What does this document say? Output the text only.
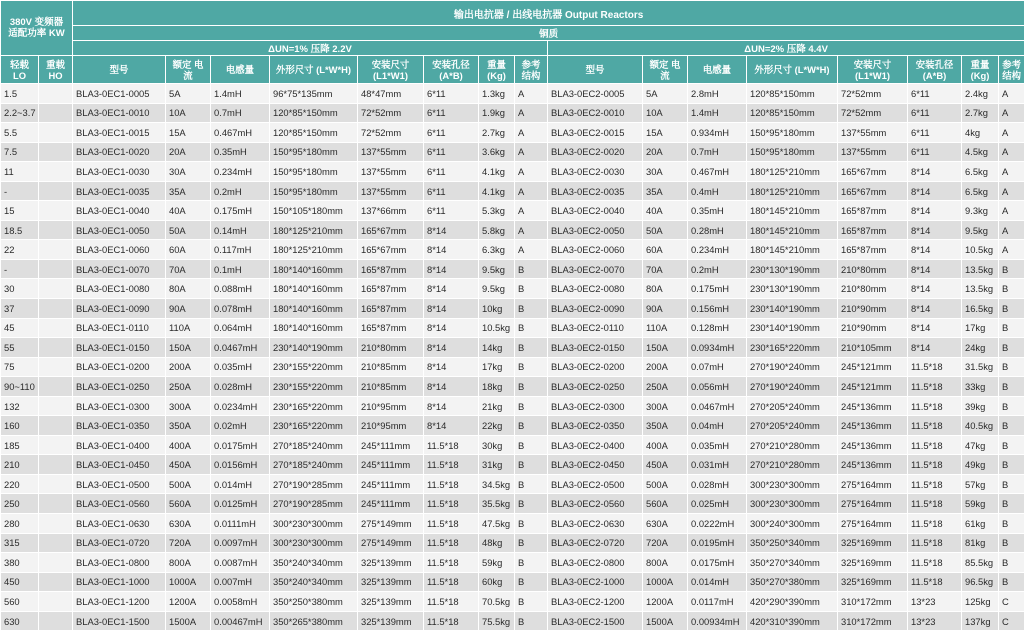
380V 变频器 适配功率 KW		输出电抗器 / 出线电抗器 Output Reactors															
		铜质															
		ΔUN=1% 压降 2.2V								ΔUN=2% 压降 4.4V							
轻载 LO	重载 HO	型号	额定 电流	电感量	外形尺寸 (L*W*H)	安装尺寸 (L1*W1)	安装孔径 (A*B)	重量 (Kg)	参考 结构	型号	额定 电流	电感量	外形尺寸 (L*W*H)	安装尺寸 (L1*W1)	安装孔径 (A*B)	重量 (Kg)	参考 结构
1.5		BLA3-0EC1-0005	5A	1.4mH	96*75*135mm	48*47mm	6*11	1.3kg	A	BLA3-0EC2-0005	5A	2.8mH	120*85*150mm	72*52mm	6*11	2.4kg	A
2.2~3.7		BLA3-0EC1-0010	10A	0.7mH	120*85*150mm	72*52mm	6*11	1.9kg	A	BLA3-0EC2-0010	10A	1.4mH	120*85*150mm	72*52mm	6*11	2.7kg	A
5.5		BLA3-0EC1-0015	15A	0.467mH	120*85*150mm	72*52mm	6*11	2.7kg	A	BLA3-0EC2-0015	15A	0.934mH	150*95*180mm	137*55mm	6*11	4kg	A
7.5		BLA3-0EC1-0020	20A	0.35mH	150*95*180mm	137*55mm	6*11	3.6kg	A	BLA3-0EC2-0020	20A	0.7mH	150*95*180mm	137*55mm	6*11	4.5kg	A
11		BLA3-0EC1-0030	30A	0.234mH	150*95*180mm	137*55mm	6*11	4.1kg	A	BLA3-0EC2-0030	30A	0.467mH	180*125*210mm	165*67mm	8*14	6.5kg	A
-		BLA3-0EC1-0035	35A	0.2mH	150*95*180mm	137*55mm	6*11	4.1kg	A	BLA3-0EC2-0035	35A	0.4mH	180*125*210mm	165*67mm	8*14	6.5kg	A
15		BLA3-0EC1-0040	40A	0.175mH	150*105*180mm	137*66mm	6*11	5.3kg	A	BLA3-0EC2-0040	40A	0.35mH	180*145*210mm	165*87mm	8*14	9.3kg	A
18.5		BLA3-0EC1-0050	50A	0.14mH	180*125*210mm	165*67mm	8*14	5.8kg	A	BLA3-0EC2-0050	50A	0.28mH	180*145*210mm	165*87mm	8*14	9.5kg	A
22		BLA3-0EC1-0060	60A	0.117mH	180*125*210mm	165*67mm	8*14	6.3kg	A	BLA3-0EC2-0060	60A	0.234mH	180*145*210mm	165*87mm	8*14	10.5kg	A
-		BLA3-0EC1-0070	70A	0.1mH	180*140*160mm	165*87mm	8*14	9.5kg	B	BLA3-0EC2-0070	70A	0.2mH	230*130*190mm	210*80mm	8*14	13.5kg	B
30		BLA3-0EC1-0080	80A	0.088mH	180*140*160mm	165*87mm	8*14	9.5kg	B	BLA3-0EC2-0080	80A	0.175mH	230*130*190mm	210*80mm	8*14	13.5kg	B
37		BLA3-0EC1-0090	90A	0.078mH	180*140*160mm	165*87mm	8*14	10kg	B	BLA3-0EC2-0090	90A	0.156mH	230*140*190mm	210*90mm	8*14	16.5kg	B
45		BLA3-0EC1-0110	110A	0.064mH	180*140*160mm	165*87mm	8*14	10.5kg	B	BLA3-0EC2-0110	110A	0.128mH	230*140*190mm	210*90mm	8*14	17kg	B
55		BLA3-0EC1-0150	150A	0.0467mH	230*140*190mm	210*80mm	8*14	14kg	B	BLA3-0EC2-0150	150A	0.0934mH	230*165*220mm	210*105mm	8*14	24kg	B
75		BLA3-0EC1-0200	200A	0.035mH	230*155*220mm	210*85mm	8*14	17kg	B	BLA3-0EC2-0200	200A	0.07mH	270*190*240mm	245*121mm	11.5*18	31.5kg	B
90~110		BLA3-0EC1-0250	250A	0.028mH	230*155*220mm	210*85mm	8*14	18kg	B	BLA3-0EC2-0250	250A	0.056mH	270*190*240mm	245*121mm	11.5*18	33kg	B
132		BLA3-0EC1-0300	300A	0.0234mH	230*165*220mm	210*95mm	8*14	21kg	B	BLA3-0EC2-0300	300A	0.0467mH	270*205*240mm	245*136mm	11.5*18	39kg	B
160		BLA3-0EC1-0350	350A	0.02mH	230*165*220mm	210*95mm	8*14	22kg	B	BLA3-0EC2-0350	350A	0.04mH	270*205*240mm	245*136mm	11.5*18	40.5kg	B
185		BLA3-0EC1-0400	400A	0.0175mH	270*185*240mm	245*111mm	11.5*18	30kg	B	BLA3-0EC2-0400	400A	0.035mH	270*210*280mm	245*136mm	11.5*18	47kg	B
210		BLA3-0EC1-0450	450A	0.0156mH	270*185*240mm	245*111mm	11.5*18	31kg	B	BLA3-0EC2-0450	450A	0.031mH	270*210*280mm	245*136mm	11.5*18	49kg	B
220		BLA3-0EC1-0500	500A	0.014mH	270*190*285mm	245*111mm	11.5*18	34.5kg	B	BLA3-0EC2-0500	500A	0.028mH	300*230*300mm	275*164mm	11.5*18	57kg	B
250		BLA3-0EC1-0560	560A	0.0125mH	270*190*285mm	245*111mm	11.5*18	35.5kg	B	BLA3-0EC2-0560	560A	0.025mH	300*230*300mm	275*164mm	11.5*18	59kg	B
280		BLA3-0EC1-0630	630A	0.0111mH	300*230*300mm	275*149mm	11.5*18	47.5kg	B	BLA3-0EC2-0630	630A	0.0222mH	300*240*300mm	275*164mm	11.5*18	61kg	B
315		BLA3-0EC1-0720	720A	0.0097mH	300*230*300mm	275*149mm	11.5*18	48kg	B	BLA3-0EC2-0720	720A	0.0195mH	350*250*340mm	325*169mm	11.5*18	81kg	B
380		BLA3-0EC1-0800	800A	0.0087mH	350*240*340mm	325*139mm	11.5*18	59kg	B	BLA3-0EC2-0800	800A	0.0175mH	350*270*340mm	325*169mm	11.5*18	85.5kg	B
450		BLA3-0EC1-1000	1000A	0.007mH	350*240*340mm	325*139mm	11.5*18	60kg	B	BLA3-0EC2-1000	1000A	0.014mH	350*270*380mm	325*169mm	11.5*18	96.5kg	B
560		BLA3-0EC1-1200	1200A	0.0058mH	350*250*380mm	325*139mm	11.5*18	70.5kg	B	BLA3-0EC2-1200	1200A	0.0117mH	420*290*390mm	310*172mm	13*23	125kg	C
630		BLA3-0EC1-1500	1500A	0.00467mH	350*265*380mm	325*139mm	11.5*18	75.5kg	B	BLA3-0EC2-1500	1500A	0.00934mH	420*310*390mm	310*172mm	13*23	137kg	C
